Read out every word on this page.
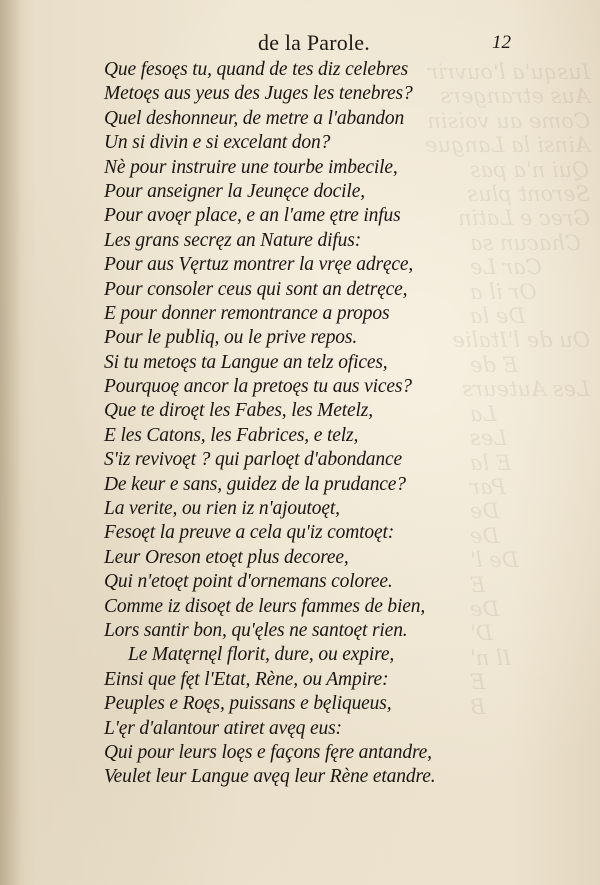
Iusqu'a l'ouvrir
Aus etrangers
Come au voisin
Ainsi la Langue
Qui n'a pas
Seront plus
Grec e Latin
Chacun sa
Car Le
Or il a
De la
Ou de l'Italie
E de
Les Auteurs
La
Les
E la
Par
De
De
De l'
E
De
D'
Il n'
E
B
de la Parole.	12
Que fesoęs tu, quand de tes diz celebres
Metoęs aus yeus des Juges les tenebres?
Quel deshonneur, de metre a l'abandon
Un si divin e si excelant don?
Nè pour instruire une tourbe imbecile,
Pour anseigner la Jeunęce docile,
Pour avoęr place, e an l'ame ętre infus
Les grans secręz an Nature difus:
Pour aus Vęrtuz montrer la vręe adręce,
Pour consoler ceus qui sont an detręce,
E pour donner remontrance a propos
Pour le publiq, ou le prive repos.
Si tu metoęs ta Langue an telz ofices,
Pourquoę ancor la pretoęs tu aus vices?
Que te diroęt les Fabes, les Metelz,
E les Catons, les Fabrices, e telz,
S'iz revivoęt ? qui parloęt d'abondance
De keur e sans, guidez de la prudance?
La verite, ou rien iz n'ajoutoęt,
Fesoęt la preuve a cela qu'iz comtoęt:
Leur Oreson etoęt plus decoree,
Qui n'etoęt point d'ornemans coloree.
Comme iz disoęt de leurs fammes de bien,
Lors santir bon, qu'ęles ne santoęt rien.
Le Matęrnęl florit, dure, ou expire,
Einsi que fęt l'Etat, Rène, ou Ampire:
Peuples e Roęs, puissans e bęliqueus,
L'ęr d'alantour atiret avęq eus:
Qui pour leurs loęs e façons fęre antandre,
Veulet leur Langue avęq leur Rène etandre.
